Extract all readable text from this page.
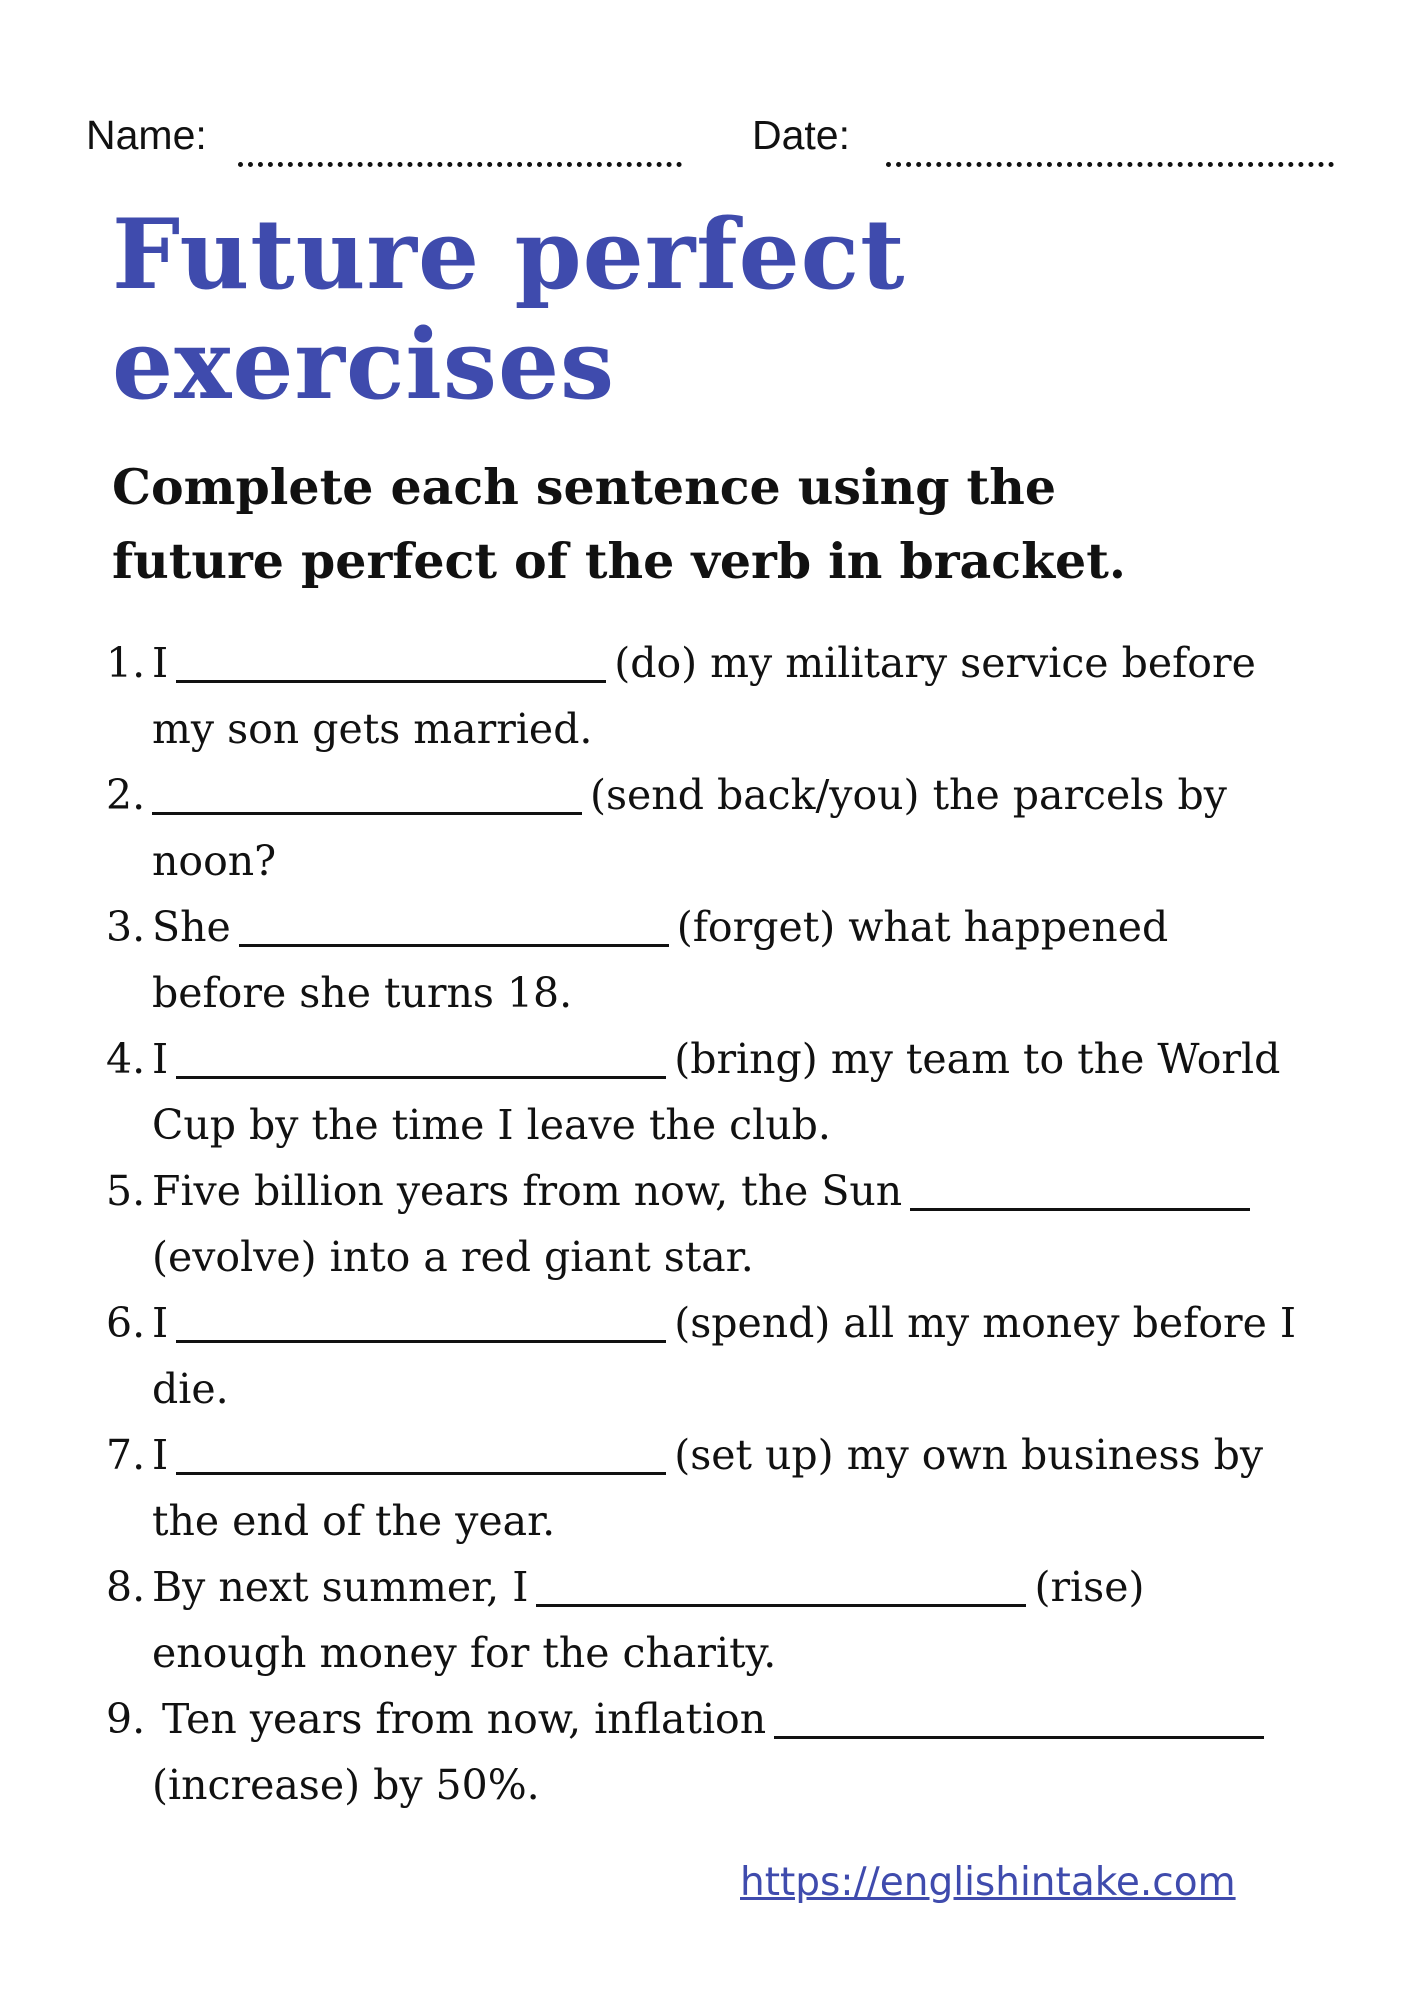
Name:	Date:
Future perfect
exercises

Complete each sentence using the
future perfect of the verb in bracket.

1. I	(do) my military service before
my son gets married.
2.	(send back/you) the parcels by
noon?
3. She	(forget) what happened
before she turns 18.
4. I	(bring) my team to the World
Cup by the time I leave the club.
5. Five billion years from now, the Sun
(evolve) into a red giant star.
6. I	(spend) all my money before I
die.
7. I	(set up) my own business by
the end of the year.
8. By next summer, I	(rise)
enough money for the charity.
9. Ten years from now, inflation
(increase) by 50%.
https://englishintake.com
